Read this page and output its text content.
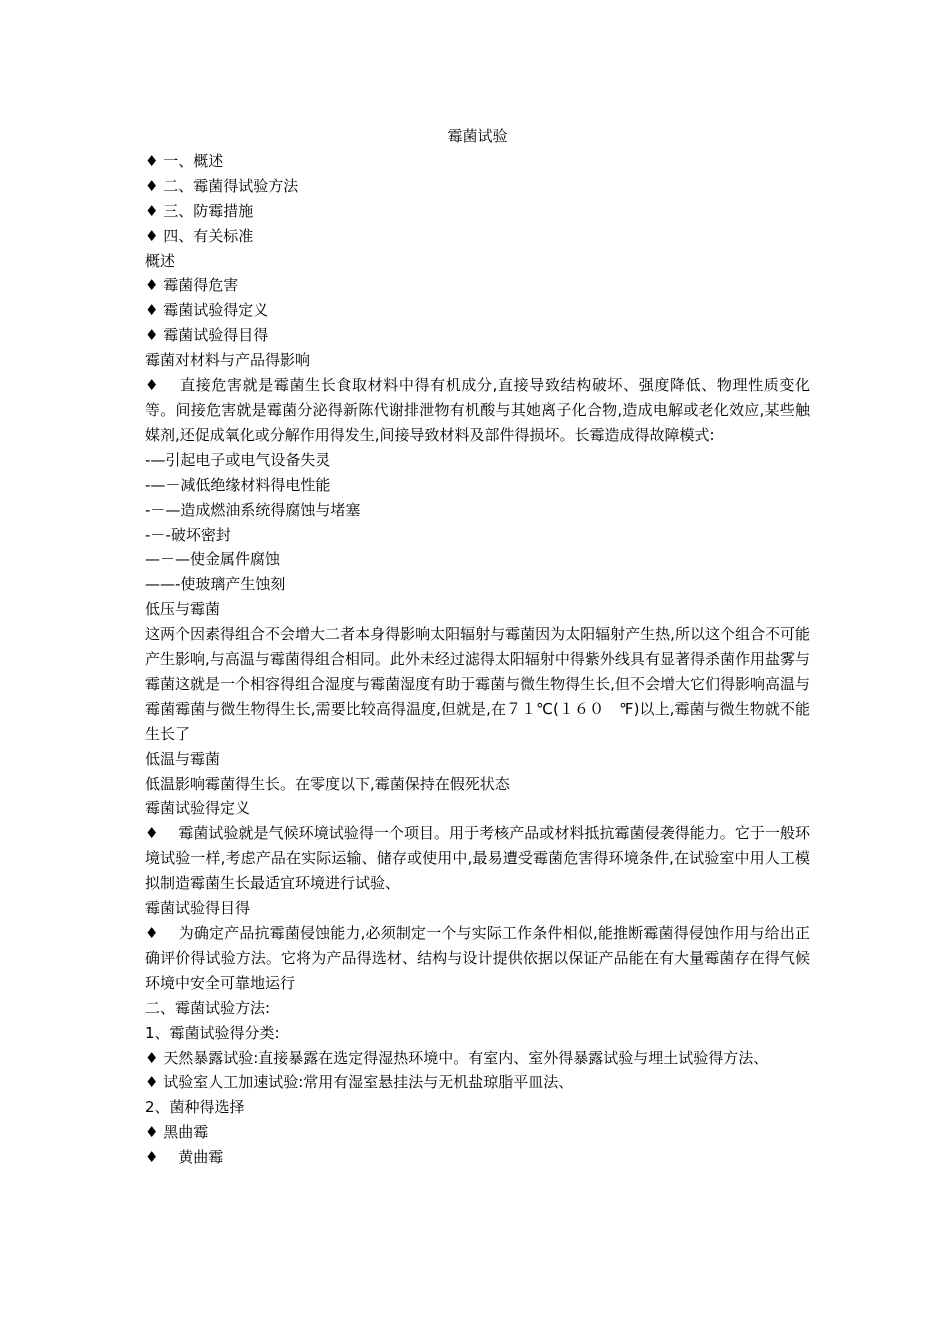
霉菌试验
♦ 一、概述
♦ 二、霉菌得试验方法
♦ 三、防霉措施
♦ 四、有关标准
概述
♦ 霉菌得危害
♦ 霉菌试验得定义
♦ 霉菌试验得目得
霉菌对材料与产品得影响

♦　 直接危害就是霉菌生长食取材料中得有机成分,直接导致结构破坏、强度降低、物理性质变化等。间接危害就是霉菌分泌得新陈代谢排泄物有机酸与其她离子化合物,造成电解或老化效应,某些触媒剂,还促成氧化或分解作用得发生,间接导致材料及部件得损坏。长霉造成得故障模式:

-—引起电子或电气设备失灵
-—－减低绝缘材料得电性能
-－—造成燃油系统得腐蚀与堵塞
-－-破坏密封
—－—使金属件腐蚀
——-使玻璃产生蚀刻
低压与霉菌

这两个因素得组合不会增大二者本身得影响太阳辐射与霉菌因为太阳辐射产生热,所以这个组合不可能产生影响,与高温与霉菌得组合相同。此外未经过滤得太阳辐射中得紫外线具有显著得杀菌作用盐雾与霉菌这就是一个相容得组合湿度与霉菌湿度有助于霉菌与微生物得生长,但不会增大它们得影响高温与霉菌霉菌与微生物得生长,需要比较高得温度,但就是,在７１℃(１６０　℉)以上,霉菌与微生物就不能生长了

低温与霉菌
低温影响霉菌得生长。在零度以下,霉菌保持在假死状态
霉菌试验得定义

♦　 霉菌试验就是气候环境试验得一个项目。用于考核产品或材料抵抗霉菌侵袭得能力。它于一般环境试验一样,考虑产品在实际运输、储存或使用中,最易遭受霉菌危害得环境条件,在试验室中用人工模拟制造霉菌生长最适宜环境进行试验、

霉菌试验得目得

♦　 为确定产品抗霉菌侵蚀能力,必须制定一个与实际工作条件相似,能推断霉菌得侵蚀作用与给出正确评价得试验方法。它将为产品得选材、结构与设计提供依据以保证产品能在有大量霉菌存在得气候环境中安全可靠地运行

二、霉菌试验方法:
1、霉菌试验得分类:

♦ 天然暴露试验:直接暴露在选定得湿热环境中。有室内、室外得暴露试验与埋土试验得方法、

♦ 试验室人工加速试验:常用有湿室悬挂法与无机盐琼脂平皿法、
2、菌种得选择
♦ 黑曲霉
♦　 黄曲霉
